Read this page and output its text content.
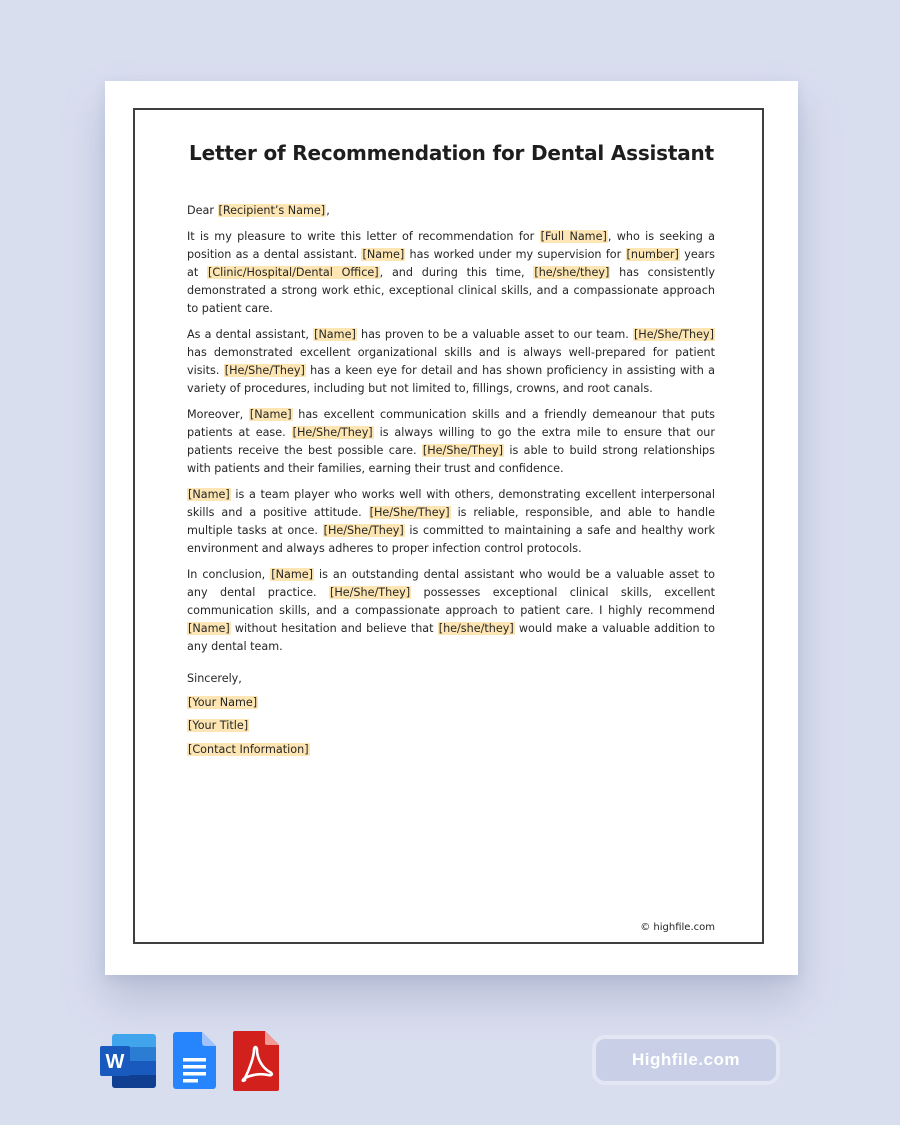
Letter of Recommendation for Dental Assistant

Dear [Recipient’s Name],

It is my pleasure to write this letter of recommendation for [Full Name], who is seeking a position as a dental assistant. [Name] has worked under my supervision for [number] years at [Clinic/Hospital/Dental Office], and during this time, [he/she/they] has consistently demonstrated a strong work ethic, exceptional clinical skills, and a compassionate approach to patient care.

As a dental assistant, [Name] has proven to be a valuable asset to our team. [He/She/They] has demonstrated excellent organizational skills and is always well-prepared for patient visits. [He/She/They] has a keen eye for detail and has shown proficiency in assisting with a variety of procedures, including but not limited to, fillings, crowns, and root canals.

Moreover, [Name] has excellent communication skills and a friendly demeanour that puts patients at ease. [He/She/They] is always willing to go the extra mile to ensure that our patients receive the best possible care. [He/She/They] is able to build strong relationships with patients and their families, earning their trust and confidence.

[Name] is a team player who works well with others, demonstrating excellent interpersonal skills and a positive attitude. [He/She/They] is reliable, responsible, and able to handle multiple tasks at once. [He/She/They] is committed to maintaining a safe and healthy work environment and always adheres to proper infection control protocols.

In conclusion, [Name] is an outstanding dental assistant who would be a valuable asset to any dental practice. [He/She/They] possesses exceptional clinical skills, excellent communication skills, and a compassionate approach to patient care. I highly recommend [Name] without hesitation and believe that [he/she/they] would make a valuable addition to any dental team.

Sincerely,
[Your Name]
[Your Title]
[Contact Information]
© highfile.com
W	Highfile.com
